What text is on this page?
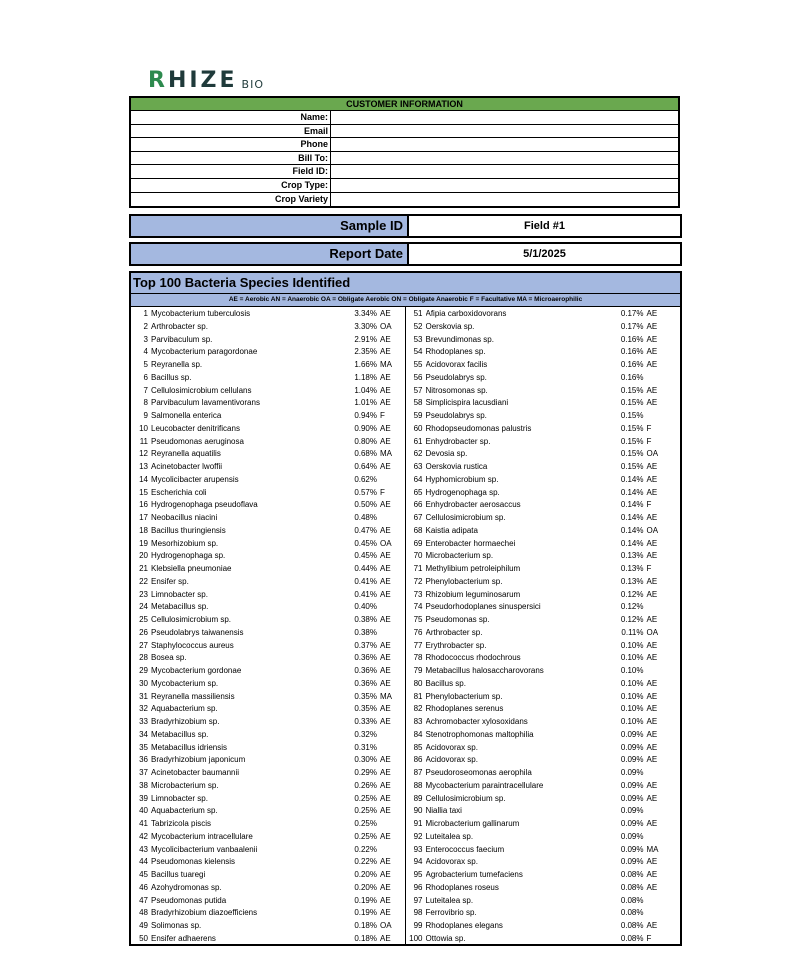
RHIZE BIO
CUSTOMER INFORMATION
Name:
Email
Phone
Bill To:
Field ID:
Crop Type:
Crop Variety
Sample ID	Field #1
Report Date	5/1/2025
Top 100 Bacteria Species Identified
AE = Aerobic AN = Anaerobic OA = Obligate Aerobic ON = Obligate Anaerobic F = Facultative MA = Microaerophilic
1 Mycobacterium tuberculosis	3.34% AE
2 Arthrobacter sp.	3.30% OA
3 Parvibaculum sp.	2.91% AE
4 Mycobacterium paragordonae	2.35% AE
5 Reyranella sp.	1.66% MA
6 Bacillus sp.	1.18% AE
7 Cellulosimicrobium cellulans	1.04% AE
8 Parvibaculum lavamentivorans	1.01% AE
9 Salmonella enterica	0.94% F
10 Leucobacter denitrificans	0.90% AE
11 Pseudomonas aeruginosa	0.80% AE
12 Reyranella aquatilis	0.68% MA
13 Acinetobacter lwoffii	0.64% AE
14 Mycolicibacter arupensis	0.62%
15 Escherichia coli	0.57% F
16 Hydrogenophaga pseudoflava	0.50% AE
17 Neobacillus niacini	0.48%
18 Bacillus thuringiensis	0.47% AE
19 Mesorhizobium sp.	0.45% OA
20 Hydrogenophaga sp.	0.45% AE
21 Klebsiella pneumoniae	0.44% AE
22 Ensifer sp.	0.41% AE
23 Limnobacter sp.	0.41% AE
24 Metabacillus sp.	0.40%
25 Cellulosimicrobium sp.	0.38% AE
26 Pseudolabrys taiwanensis	0.38%
27 Staphylococcus aureus	0.37% AE
28 Bosea sp.	0.36% AE
29 Mycobacterium gordonae	0.36% AE
30 Mycobacterium sp.	0.36% AE
31 Reyranella massiliensis	0.35% MA
32 Aquabacterium sp.	0.35% AE
33 Bradyrhizobium sp.	0.33% AE
34 Metabacillus sp.	0.32%
35 Metabacillus idriensis	0.31%
36 Bradyrhizobium japonicum	0.30% AE
37 Acinetobacter baumannii	0.29% AE
38 Microbacterium sp.	0.26% AE
39 Limnobacter sp.	0.25% AE
40 Aquabacterium sp.	0.25% AE
41 Tabrizicola piscis	0.25%
42 Mycobacterium intracellulare	0.25% AE
43 Mycolicibacterium vanbaalenii	0.22%
44 Pseudomonas kielensis	0.22% AE
45 Bacillus tuaregi	0.20% AE
46 Azohydromonas sp.	0.20% AE
47 Pseudomonas putida	0.19% AE
48 Bradyrhizobium diazoefficiens	0.19% AE
49 Solimonas sp.	0.18% OA
50 Ensifer adhaerens	0.18% AE
51 Afipia carboxidovorans	0.17% AE
52 Oerskovia sp.	0.17% AE
53 Brevundimonas sp.	0.16% AE
54 Rhodoplanes sp.	0.16% AE
55 Acidovorax facilis	0.16% AE
56 Pseudolabrys sp.	0.16%
57 Nitrosomonas sp.	0.15% AE
58 Simplicispira lacusdiani	0.15% AE
59 Pseudolabrys sp.	0.15%
60 Rhodopseudomonas palustris	0.15% F
61 Enhydrobacter sp.	0.15% F
62 Devosia sp.	0.15% OA
63 Oerskovia rustica	0.15% AE
64 Hyphomicrobium sp.	0.14% AE
65 Hydrogenophaga sp.	0.14% AE
66 Enhydrobacter aerosaccus	0.14% F
67 Cellulosimicrobium sp.	0.14% AE
68 Kaistia adipata	0.14% OA
69 Enterobacter hormaechei	0.14% AE
70 Microbacterium sp.	0.13% AE
71 Methylibium petroleiphilum	0.13% F
72 Phenylobacterium sp.	0.13% AE
73 Rhizobium leguminosarum	0.12% AE
74 Pseudorhodoplanes sinuspersici	0.12%
75 Pseudomonas sp.	0.12% AE
76 Arthrobacter sp.	0.11% OA
77 Erythrobacter sp.	0.10% AE
78 Rhodococcus rhodochrous	0.10% AE
79 Metabacillus halosaccharovorans	0.10%
80 Bacillus sp.	0.10% AE
81 Phenylobacterium sp.	0.10% AE
82 Rhodoplanes serenus	0.10% AE
83 Achromobacter xylosoxidans	0.10% AE
84 Stenotrophomonas maltophilia	0.09% AE
85 Acidovorax sp.	0.09% AE
86 Acidovorax sp.	0.09% AE
87 Pseudoroseomonas aerophila	0.09%
88 Mycobacterium paraintracellulare	0.09% AE
89 Cellulosimicrobium sp.	0.09% AE
90 Niallia taxi	0.09%
91 Microbacterium gallinarum	0.09% AE
92 Luteitalea sp.	0.09%
93 Enterococcus faecium	0.09% MA
94 Acidovorax sp.	0.09% AE
95 Agrobacterium tumefaciens	0.08% AE
96 Rhodoplanes roseus	0.08% AE
97 Luteitalea sp.	0.08%
98 Ferrovibrio sp.	0.08%
99 Rhodoplanes elegans	0.08% AE
100 Ottowia sp.	0.08% F
